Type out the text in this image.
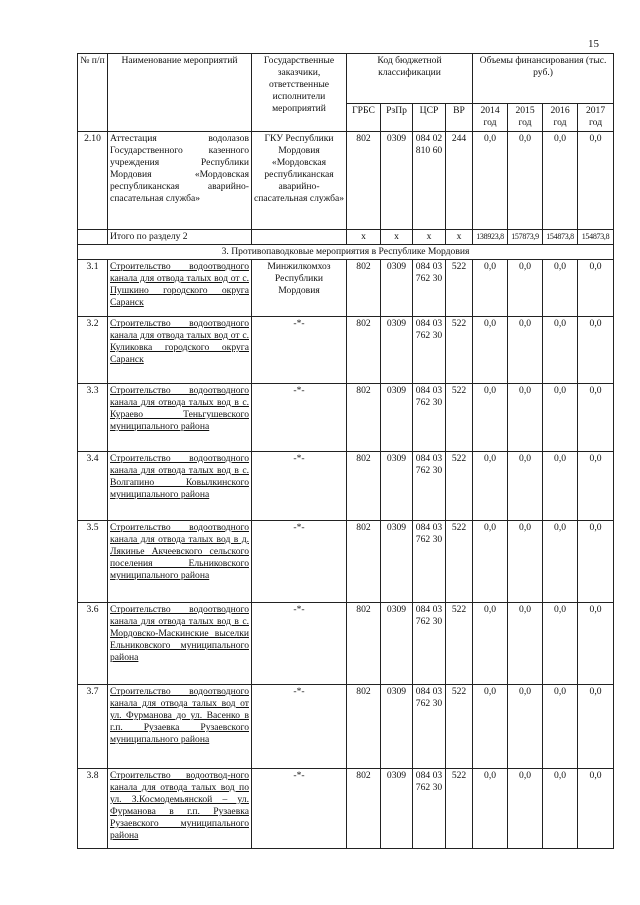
15
№ п/п	Наименование мероприятий	Государственные заказчики, ответственные исполнители мероприятий	Код бюджетной классификации				Объемы финансирования (тыс. руб.)			
			ГРБС	РзПр	ЦСР	ВР	2014 год	2015 год	2016 год	2017 год
2.10	Аттестация водолазов Государственного казенного учреждения Республики Мордовия «Мордовская республиканская аварийно-спасательная служба»	ГКУ Республики Мордовия «Мордовская республиканская аварийно-спасательная служба»	802	0309	084 02 810 60	244	0,0	0,0	0,0	0,0
	Итого по разделу 2		х	х	х	х	138923,8	157873,9	154873,8	154873,8
3. Противопаводковые мероприятия в Республике Мордовия										
3.1	Строительство водоотводного канала для отвода талых вод от с. Пушкино городского округа Саранск	Минжилкомхоз Республики Мордовия	802	0309	084 03 762 30	522	0,0	0,0	0,0	0,0
3.2	Строительство водоотводного канала для отвода талых вод от с. Куликовка городского округа Саранск	-*-	802	0309	084 03 762 30	522	0,0	0,0	0,0	0,0
3.3	Строительство водоотводного канала для отвода талых вод в с. Кураево Теньгушевского муниципального района	-*-	802	0309	084 03 762 30	522	0,0	0,0	0,0	0,0
3.4	Строительство водоотводного канала для отвода талых вод в с. Волгапино Ковылкинского муниципального района	-*-	802	0309	084 03 762 30	522	0,0	0,0	0,0	0,0
3.5	Строительство водоотводного канала для отвода талых вод в д. Лякинье Акчеевского сельского поселения Ельниковского муниципального района	-*-	802	0309	084 03 762 30	522	0,0	0,0	0,0	0,0
3.6	Строительство водоотводного канала для отвода талых вод в с. Мордовско-Маскинские выселки Ельниковского муниципального района	-*-	802	0309	084 03 762 30	522	0,0	0,0	0,0	0,0
3.7	Строительство водоотводного канала для отвода талых вод от ул. Фурманова до ул. Васенко в г.п. Рузаевка Рузаевского муниципального района	-*-	802	0309	084 03 762 30	522	0,0	0,0	0,0	0,0
3.8	Строительство водоотвод-ного канала для отвода талых вод по ул. З.Космодемьянской – ул. Фурманова в г.п. Рузаевка Рузаевского муниципального района	-*-	802	0309	084 03 762 30	522	0,0	0,0	0,0	0,0
